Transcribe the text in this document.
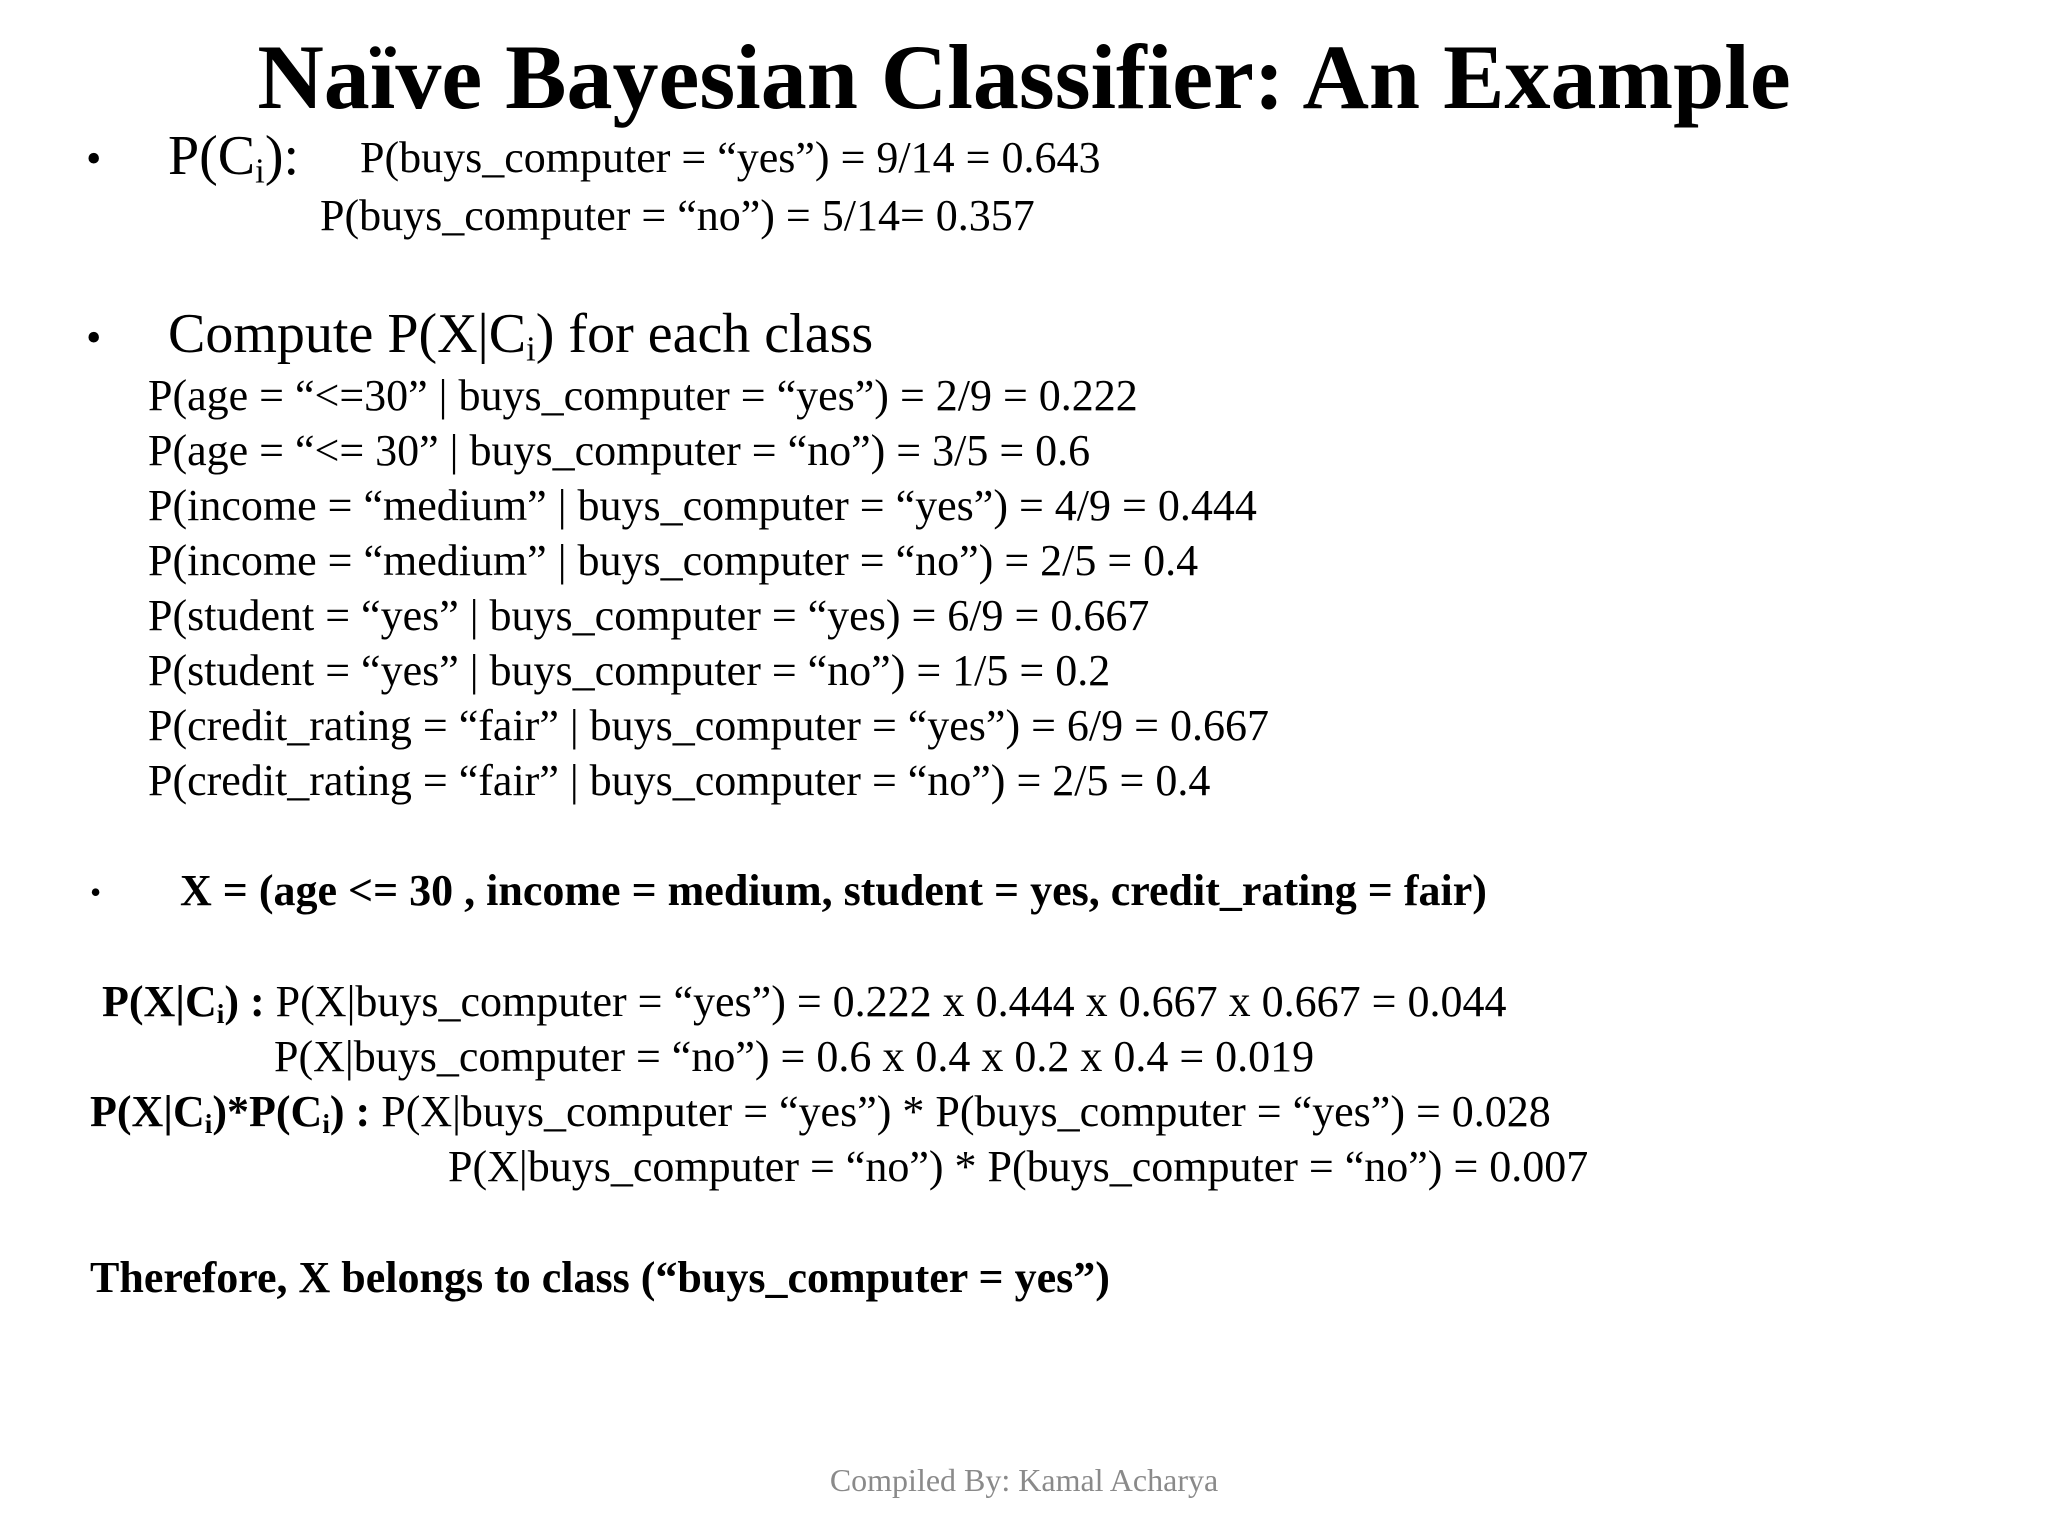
Naïve Bayesian Classifier: An Example
• $P(C_i)$: P(buys_computer = “yes”) = 9/14 = 0.643
P(buys_computer = “no”) = 5/14= 0.357
• Compute $P(X|C_i)$ for each class
P(age = “<=30” | buys_computer = “yes”) = 2/9 = 0.222
P(age = “<= 30” | buys_computer = “no”) = 3/5 = 0.6
P(income = “medium” | buys_computer = “yes”) = 4/9 = 0.444
P(income = “medium” | buys_computer = “no”) = 2/5 = 0.4
P(student = “yes” | buys_computer = “yes) = 6/9 = 0.667
P(student = “yes” | buys_computer = “no”) = 1/5 = 0.2
P(credit_rating = “fair” | buys_computer = “yes”) = 6/9 = 0.667
P(credit_rating = “fair” | buys_computer = “no”) = 2/5 = 0.4
• X = (age <= 30 , income = medium, student = yes, credit_rating = fair)
$P(X|C_i)$ : P(X|buys_computer = “yes”) = 0.222 x 0.444 x 0.667 x 0.667 = 0.044
P(X|buys_computer = “no”) = 0.6 x 0.4 x 0.2 x 0.4 = 0.019
$P(X|C_i)*P(C_i)$ : P(X|buys_computer = “yes”) * P(buys_computer = “yes”) = 0.028
P(X|buys_computer = “no”) * P(buys_computer = “no”) = 0.007
Therefore, X belongs to class (“buys_computer = yes”)
Compiled By: Kamal Acharya
